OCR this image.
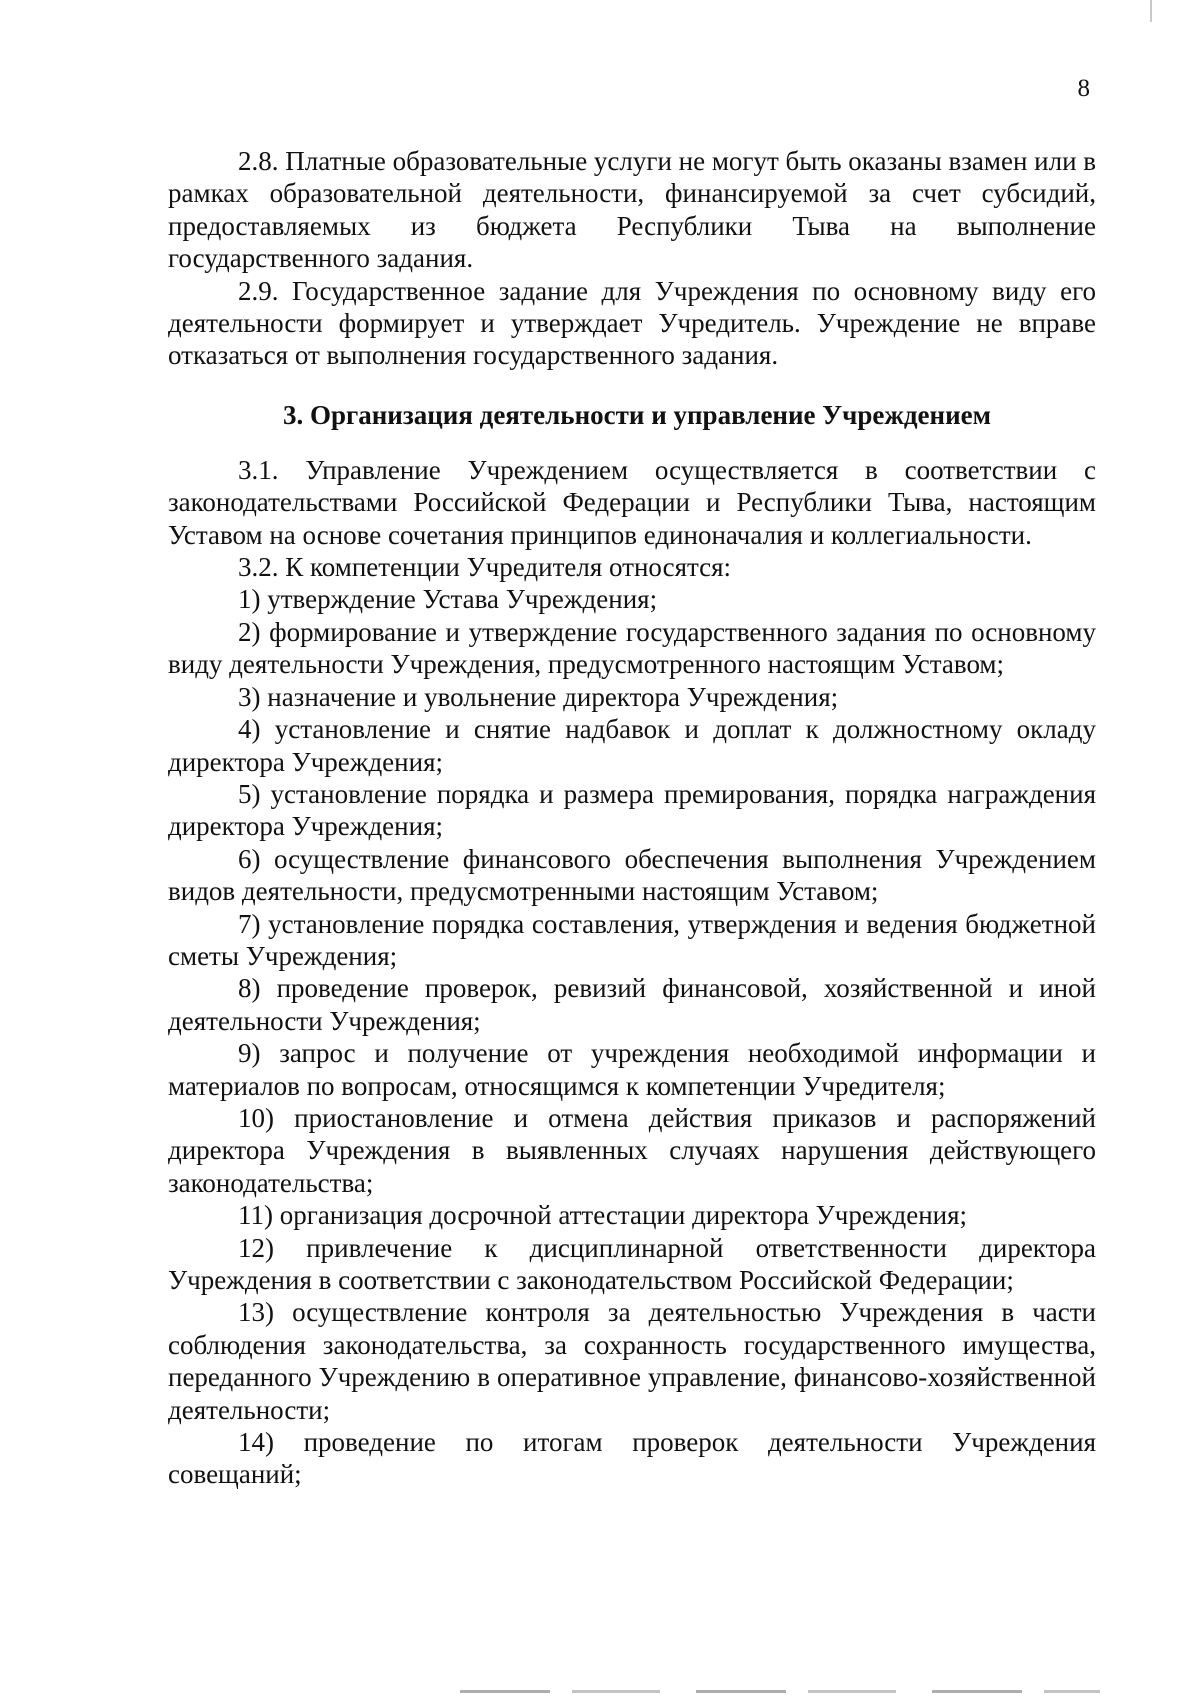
8

2.8. Платные образовательные услуги не могут быть оказаны взамен или в рамках образовательной деятельности, финансируемой за счет субсидий, предоставляемых из бюджета Республики Тыва на выполнение государственного задания.

2.9. Государственное задание для Учреждения по основному виду его деятельности формирует и утверждает Учредитель. Учреждение не вправе отказаться от выполнения государственного задания.

3. Организация деятельности и управление Учреждением

3.1. Управление Учреждением осуществляется в соответствии с законодательствами Российской Федерации и Республики Тыва, настоящим Уставом на основе сочетания принципов единоначалия и коллегиальности.

3.2. К компетенции Учредителя относятся:

1) утверждение Устава Учреждения;

2) формирование и утверждение государственного задания по основному виду деятельности Учреждения, предусмотренного настоящим Уставом;

3) назначение и увольнение директора Учреждения;

4) установление и снятие надбавок и доплат к должностному окладу директора Учреждения;

5) установление порядка и размера премирования, порядка награждения директора Учреждения;

6) осуществление финансового обеспечения выполнения Учреждением видов деятельности, предусмотренными настоящим Уставом;

7) установление порядка составления, утверждения и ведения бюджетной сметы Учреждения;

8) проведение проверок, ревизий финансовой, хозяйственной и иной деятельности Учреждения;

9) запрос и получение от учреждения необходимой информации и материалов по вопросам, относящимся к компетенции Учредителя;

10) приостановление и отмена действия приказов и распоряжений директора Учреждения в выявленных случаях нарушения действующего законодательства;

11) организация досрочной аттестации директора Учреждения;

12) привлечение к дисциплинарной ответственности директора Учреждения в соответствии с законодательством Российской Федерации;

13) осуществление контроля за деятельностью Учреждения в части соблюдения законодательства, за сохранность государственного имущества, переданного Учреждению в оперативное управление, финансово-хозяйственной деятельности;

14) проведение по итогам проверок деятельности Учреждения совещаний;
